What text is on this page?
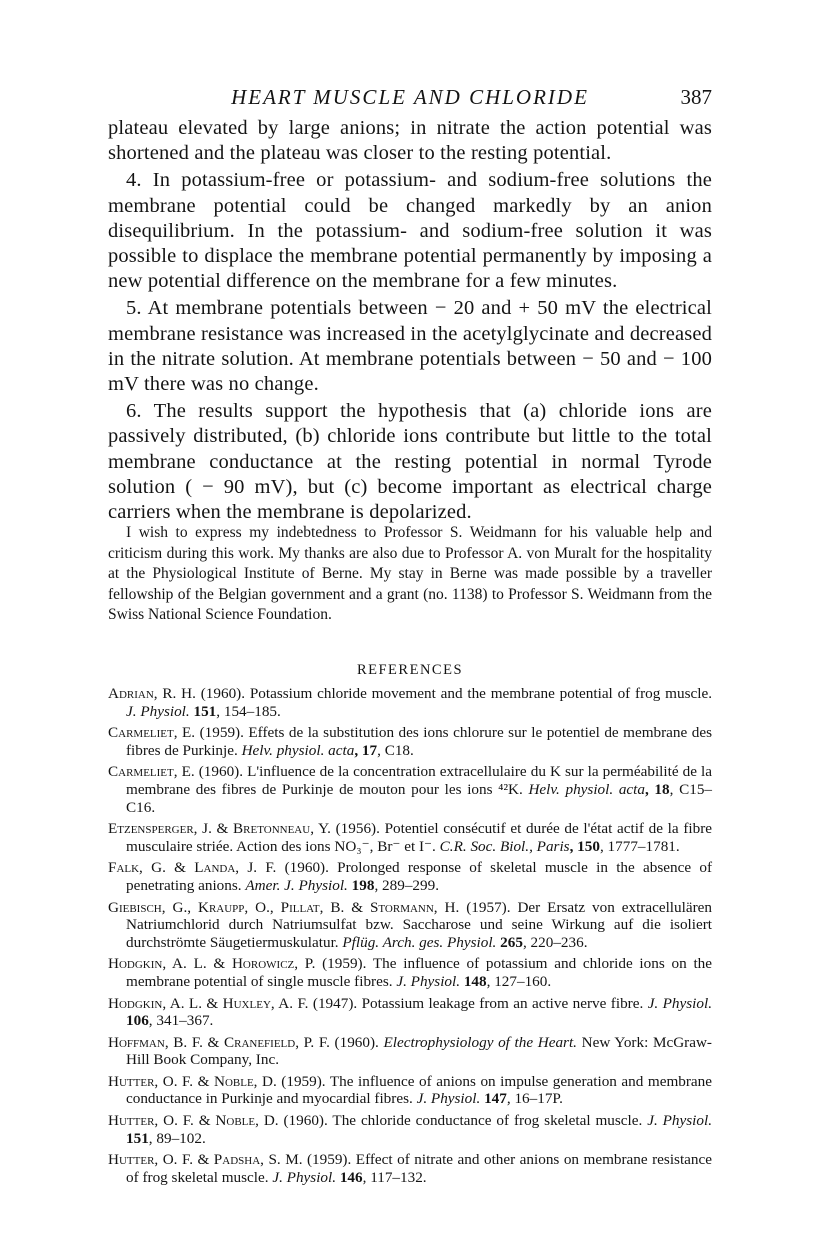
HEART MUSCLE AND CHLORIDE	387

plateau elevated by large anions; in nitrate the action potential was shortened and the plateau was closer to the resting potential.

4. In potassium-free or potassium- and sodium-free solutions the membrane potential could be changed markedly by an anion disequilibrium. In the potassium- and sodium-free solution it was possible to displace the membrane potential permanently by imposing a new potential difference on the membrane for a few minutes.

5. At membrane potentials between − 20 and + 50 mV the electrical membrane resistance was increased in the acetylglycinate and decreased in the nitrate solution. At membrane potentials between − 50 and − 100 mV there was no change.

6. The results support the hypothesis that (a) chloride ions are passively distributed, (b) chloride ions contribute but little to the total membrane conductance at the resting potential in normal Tyrode solution ( − 90 mV), but (c) become important as electrical charge carriers when the membrane is depolarized.

I wish to express my indebtedness to Professor S. Weidmann for his valuable help and criticism during this work. My thanks are also due to Professor A. von Muralt for the hospitality at the Physiological Institute of Berne. My stay in Berne was made possible by a traveller fellowship of the Belgian government and a grant (no. 1138) to Professor S. Weidmann from the Swiss National Science Foundation.

REFERENCES

Adrian, R. H. (1960). Potassium chloride movement and the membrane potential of frog muscle. J. Physiol. 151, 154–185.

Carmeliet, E. (1959). Effets de la substitution des ions chlorure sur le potentiel de membrane des fibres de Purkinje. Helv. physiol. acta, 17, C18.

Carmeliet, E. (1960). L'influence de la concentration extracellulaire du K sur la perméabilité de la membrane des fibres de Purkinje de mouton pour les ions ⁴²K. Helv. physiol. acta, 18, C15–C16.

Etzensperger, J. & Bretonneau, Y. (1956). Potentiel consécutif et durée de l'état actif de la fibre musculaire striée. Action des ions NO₃⁻, Br⁻ et I⁻. C.R. Soc. Biol., Paris, 150, 1777–1781.

Falk, G. & Landa, J. F. (1960). Prolonged response of skeletal muscle in the absence of penetrating anions. Amer. J. Physiol. 198, 289–299.

Giebisch, G., Kraupp, O., Pillat, B. & Stormann, H. (1957). Der Ersatz von extracellulären Natriumchlorid durch Natriumsulfat bzw. Saccharose und seine Wirkung auf die isoliert durchströmte Säugetiermuskulatur. Pflüg. Arch. ges. Physiol. 265, 220–236.

Hodgkin, A. L. & Horowicz, P. (1959). The influence of potassium and chloride ions on the membrane potential of single muscle fibres. J. Physiol. 148, 127–160.

Hodgkin, A. L. & Huxley, A. F. (1947). Potassium leakage from an active nerve fibre. J. Physiol. 106, 341–367.

Hoffman, B. F. & Cranefield, P. F. (1960). Electrophysiology of the Heart. New York: McGraw-Hill Book Company, Inc.

Hutter, O. F. & Noble, D. (1959). The influence of anions on impulse generation and membrane conductance in Purkinje and myocardial fibres. J. Physiol. 147, 16–17P.

Hutter, O. F. & Noble, D. (1960). The chloride conductance of frog skeletal muscle. J. Physiol. 151, 89–102.

Hutter, O. F. & Padsha, S. M. (1959). Effect of nitrate and other anions on membrane resistance of frog skeletal muscle. J. Physiol. 146, 117–132.
